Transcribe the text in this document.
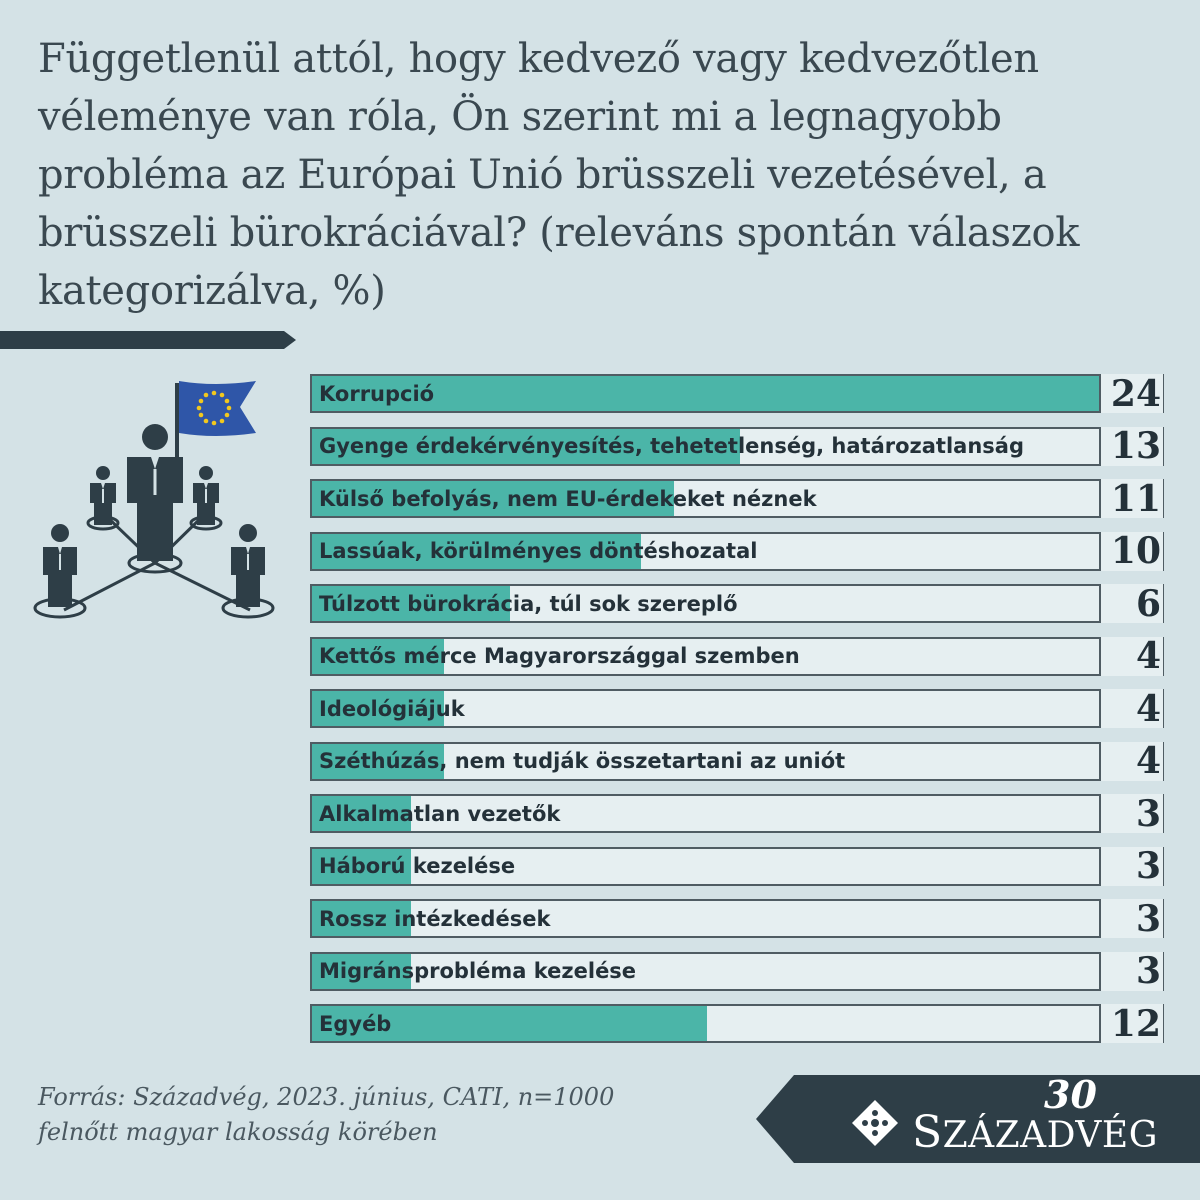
Függetlenül attól, hogy kedvező vagy kedvezőtlen véleménye van róla, Ön szerint mi a legnagyobb probléma az Európai Unió brüsszeli vezetésével, a brüsszeli bürokráciával? (releváns spontán válaszok kategorizálva, %)
Korrupció	24
Gyenge érdekérvényesítés, tehetetlenség, határozatlanság	13
Külső befolyás, nem EU-érdekeket néznek	11
Lassúak, körülményes döntéshozatal	10
Túlzott bürokrácia, túl sok szereplő	6
Kettős mérce Magyarországgal szemben	4
Ideológiájuk	4
Széthúzás, nem tudják összetartani az uniót	4
Alkalmatlan vezetők	3
Háború kezelése	3
Rossz intézkedések	3
Migránsprobléma kezelése	3
Egyéb	12
Forrás: Századvég, 2023. június, CATI, n=1000
felnőtt magyar lakosság körében	SZÁZADVÉG
30
